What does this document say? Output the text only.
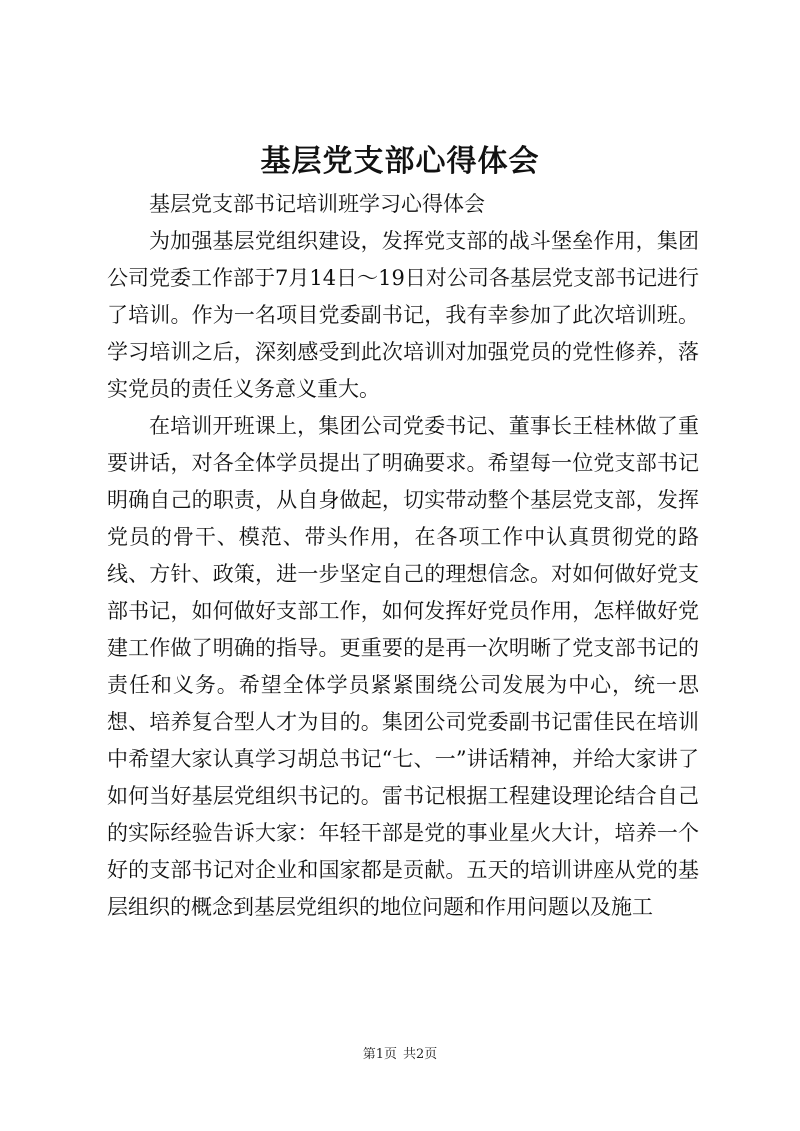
基层党支部心得体会

基层党支部书记培训班学习心得体会

为加强基层党组织建设，发挥党支部的战斗堡垒作用，集团公司党委工作部于7月14日～19日对公司各基层党支部书记进行了培训。作为一名项目党委副书记，我有幸参加了此次培训班。学习培训之后，深刻感受到此次培训对加强党员的党性修养，落实党员的责任义务意义重大。

在培训开班课上，集团公司党委书记、董事长王桂林做了重要讲话，对各全体学员提出了明确要求。希望每一位党支部书记明确自己的职责，从自身做起，切实带动整个基层党支部，发挥党员的骨干、模范、带头作用，在各项工作中认真贯彻党的路线、方针、政策，进一步坚定自己的理想信念。对如何做好党支部书记，如何做好支部工作，如何发挥好党员作用，怎样做好党建工作做了明确的指导。更重要的是再一次明晰了党支部书记的责任和义务。希望全体学员紧紧围绕公司发展为中心，统一思想、培养复合型人才为目的。集团公司党委副书记雷佳民在培训中希望大家认真学习胡总书记“七、一”讲话精神，并给大家讲了如何当好基层党组织书记的。雷书记根据工程建设理论结合自己的实际经验告诉大家：年轻干部是党的事业星火大计，培养一个好的支部书记对企业和国家都是贡献。五天的培训讲座从党的基层组织的概念到基层党组织的地位问题和作用问题以及施工

第1页 共2页
